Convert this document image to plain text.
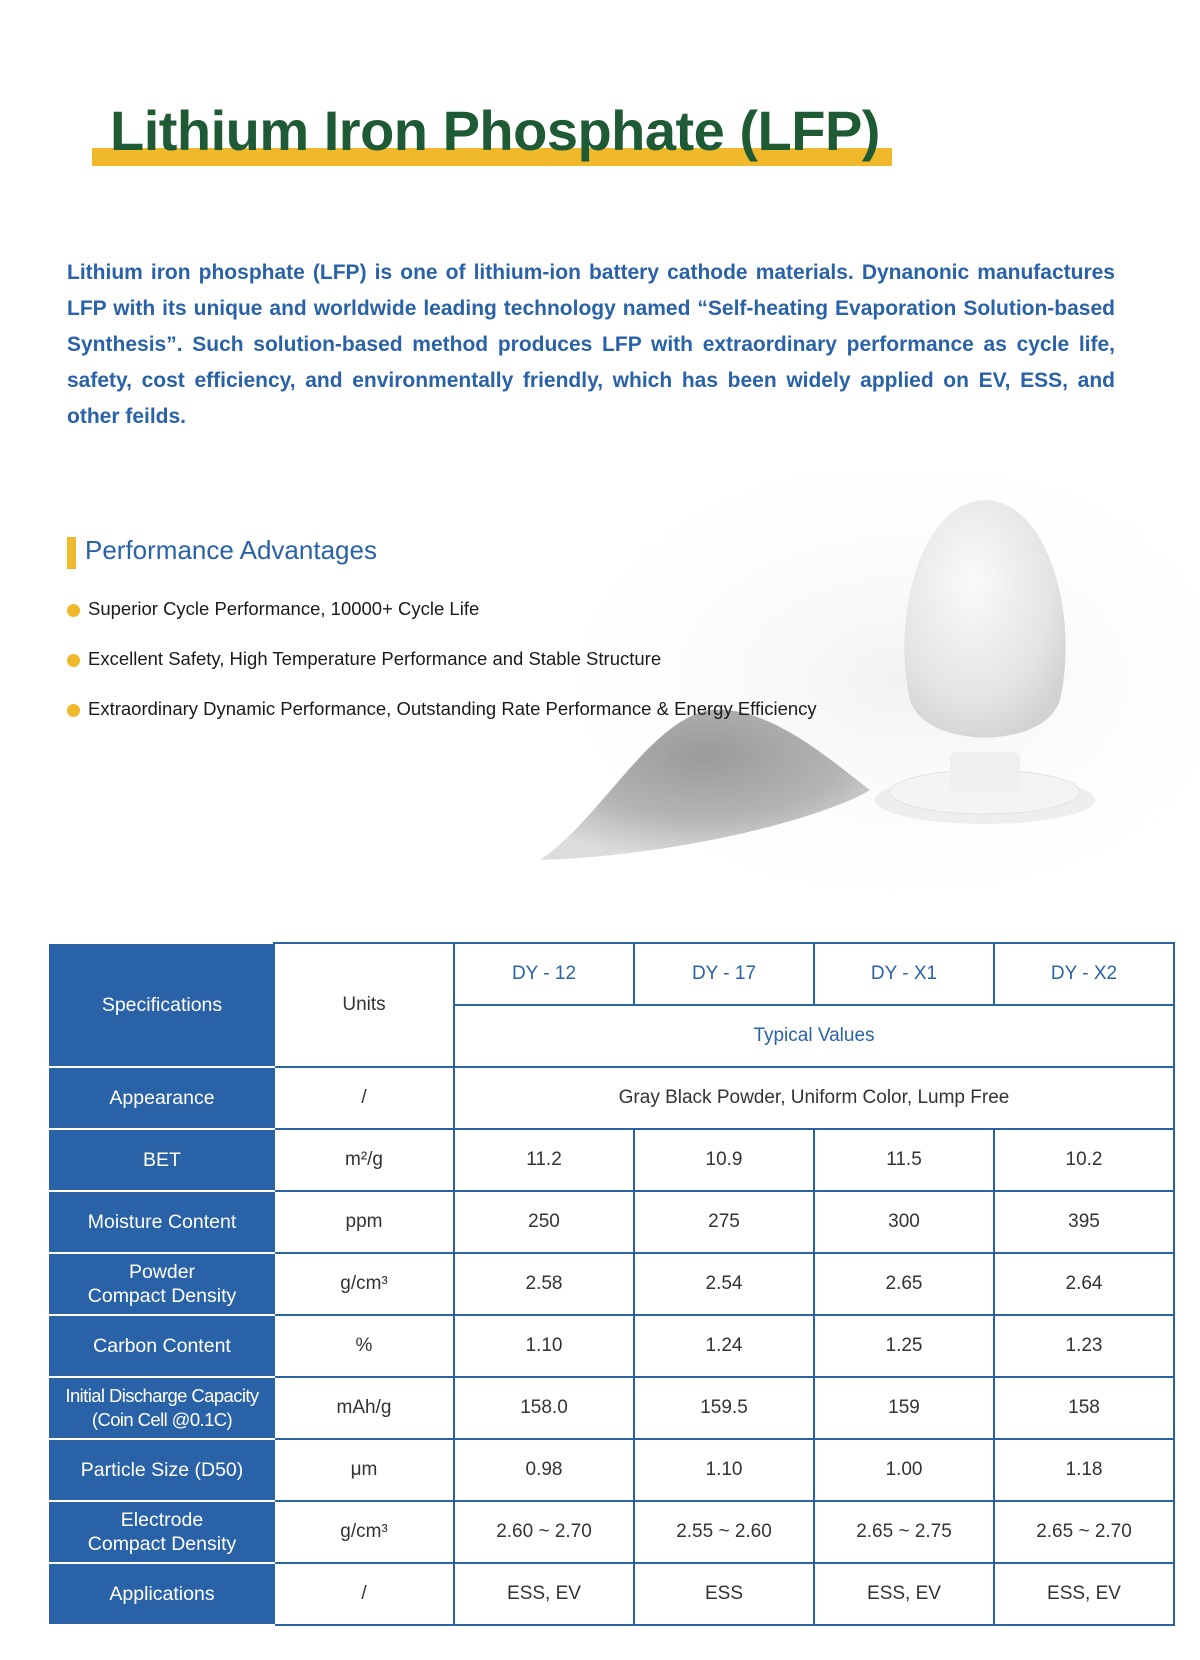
Lithium Iron Phosphate (LFP)

Lithium iron phosphate (LFP) is one of lithium-ion battery cathode materials. Dynanonic manufactures LFP with its unique and worldwide leading technology named “Self-heating Evaporation Solution-based Synthesis”. Such solution-based method produces LFP with extraordinary performance as cycle life, safety, cost efficiency, and environmentally friendly, which has been widely applied on EV, ESS, and other feilds.

Performance Advantages
Superior Cycle Performance, 10000+ Cycle Life
Excellent Safety, High Temperature Performance and Stable Structure
Extraordinary Dynamic Performance, Outstanding Rate Performance & Energy Efficiency
Specifications	Units	DY - 12	DY - 17	DY - X1	DY - X2
		Typical Values			
Appearance	/	Gray Black Powder, Uniform Color, Lump Free			

BET	m²/g	11.2	10.9	11.5	10.2

Moisture Content	ppm	250	275	300	395

Powder
Compact Density	g/cm³	2.58	2.54	2.65	2.64

Carbon Content	%	1.10	1.24	1.25	1.23

Initial Discharge Capacity
(Coin Cell @0.1C)	mAh/g	158.0	159.5	159	158

Particle Size (D50)	μm	0.98	1.10	1.00	1.18

Electrode
Compact Density	g/cm³	2.60 ~ 2.70	2.55 ~ 2.60	2.65 ~ 2.75	2.65 ~ 2.70

Applications	/	ESS, EV	ESS	ESS, EV	ESS, EV
